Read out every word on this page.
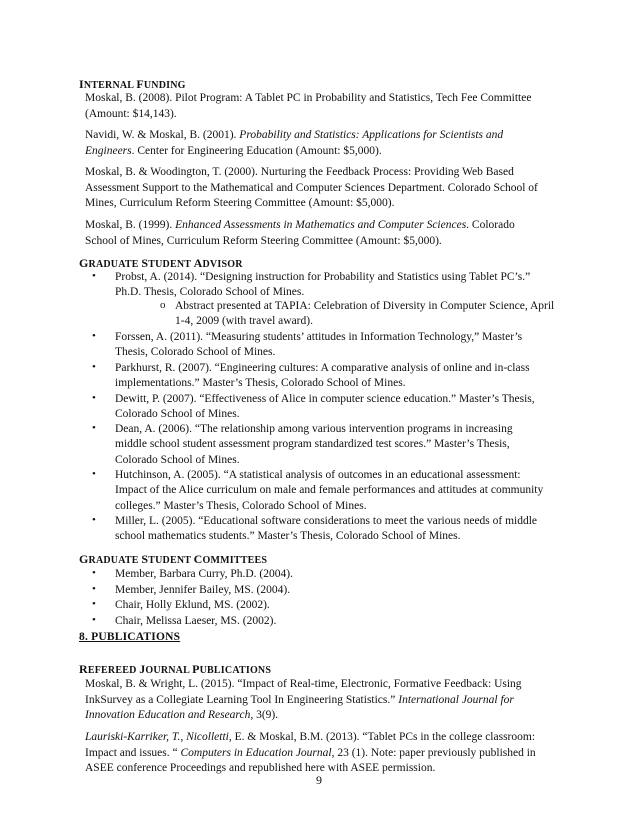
INTERNAL FUNDING
Moskal, B. (2008). Pilot Program: A Tablet PC in Probability and Statistics, Tech Fee Committee (Amount: $14,143).
Navidi, W. & Moskal, B. (2001). Probability and Statistics: Applications for Scientists and Engineers. Center for Engineering Education (Amount: $5,000).
Moskal, B. & Woodington, T. (2000). Nurturing the Feedback Process: Providing Web Based Assessment Support to the Mathematical and Computer Sciences Department. Colorado School of Mines, Curriculum Reform Steering Committee (Amount: $5,000).
Moskal, B. (1999). Enhanced Assessments in Mathematics and Computer Sciences. Colorado School of Mines, Curriculum Reform Steering Committee (Amount: $5,000).
GRADUATE STUDENT ADVISOR
• Probst, A. (2014). “Designing instruction for Probability and Statistics using Tablet PC’s.” Ph.D. Thesis, Colorado School of Mines.
o Abstract presented at TAPIA: Celebration of Diversity in Computer Science, April 1-4, 2009 (with travel award).
• Forssen, A. (2011). “Measuring students’ attitudes in Information Technology,” Master’s Thesis, Colorado School of Mines.
• Parkhurst, R. (2007). “Engineering cultures: A comparative analysis of online and in-class implementations.” Master’s Thesis, Colorado School of Mines.
• Dewitt, P. (2007). “Effectiveness of Alice in computer science education.” Master’s Thesis, Colorado School of Mines.
• Dean, A. (2006). “The relationship among various intervention programs in increasing middle school student assessment program standardized test scores.” Master’s Thesis, Colorado School of Mines.
• Hutchinson, A. (2005). “A statistical analysis of outcomes in an educational assessment: Impact of the Alice curriculum on male and female performances and attitudes at community colleges.” Master’s Thesis, Colorado School of Mines.
• Miller, L. (2005). “Educational software considerations to meet the various needs of middle school mathematics students.” Master’s Thesis, Colorado School of Mines.
GRADUATE STUDENT COMMITTEES
• Member, Barbara Curry, Ph.D. (2004).
• Member, Jennifer Bailey, MS. (2004).
• Chair, Holly Eklund, MS. (2002).
• Chair, Melissa Laeser, MS. (2002).
8. PUBLICATIONS
REFEREED JOURNAL PUBLICATIONS
Moskal, B. & Wright, L. (2015). “Impact of Real-time, Electronic, Formative Feedback: Using InkSurvey as a Collegiate Learning Tool In Engineering Statistics.” International Journal for Innovation Education and Research, 3(9).
Lauriski-Karriker, T., Nicolletti, E. & Moskal, B.M. (2013). “Tablet PCs in the college classroom: Impact and issues. “ Computers in Education Journal, 23 (1). Note: paper previously published in ASEE conference Proceedings and republished here with ASEE permission.
9
